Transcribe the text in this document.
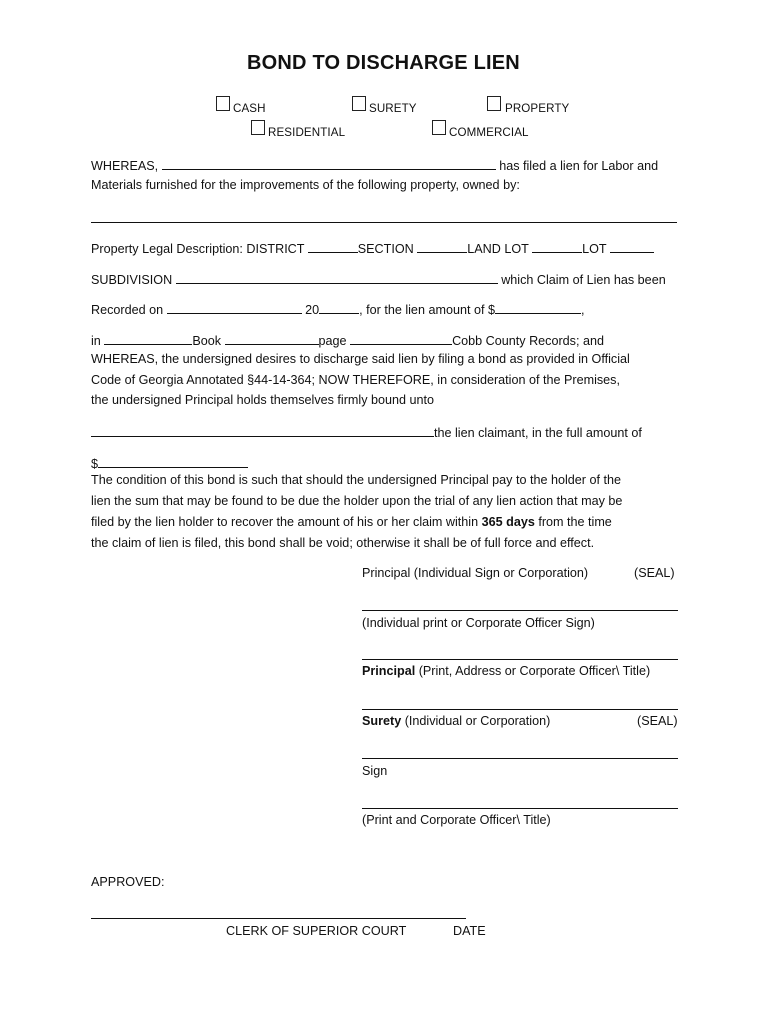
BOND TO DISCHARGE LIEN
CASH	SURETY	PROPERTY
RESIDENTIAL	COMMERCIAL
WHEREAS,	has filed a lien for Labor and
Materials furnished for the improvements of the following property, owned by:
Property Legal Description: DISTRICT	SECTION	LAND LOT	LOT
SUBDIVISION	which Claim of Lien has been
Recorded on	20	, for the lien amount of $	,
in	Book	page	Cobb County Records; and
WHEREAS, the undersigned desires to discharge said lien by filing a bond as provided in Official
Code of Georgia Annotated §44-14-364; NOW THEREFORE, in consideration of the Premises,
the undersigned Principal holds themselves firmly bound unto
the lien claimant, in the full amount of
$
The condition of this bond is such that should the undersigned Principal pay to the holder of the
lien the sum that may be found to be due the holder upon the trial of any lien action that may be
filed by the lien holder to recover the amount of his or her claim within 365 days from the time
the claim of lien is filed, this bond shall be void; otherwise it shall be of full force and effect.
Principal (Individual Sign or Corporation)	(SEAL)
(Individual print or Corporate Officer Sign)
Principal (Print, Address or Corporate Officer\ Title)
Surety (Individual or Corporation)	(SEAL)
Sign
(Print and Corporate Officer\ Title)
APPROVED:
CLERK OF SUPERIOR COURT	DATE
